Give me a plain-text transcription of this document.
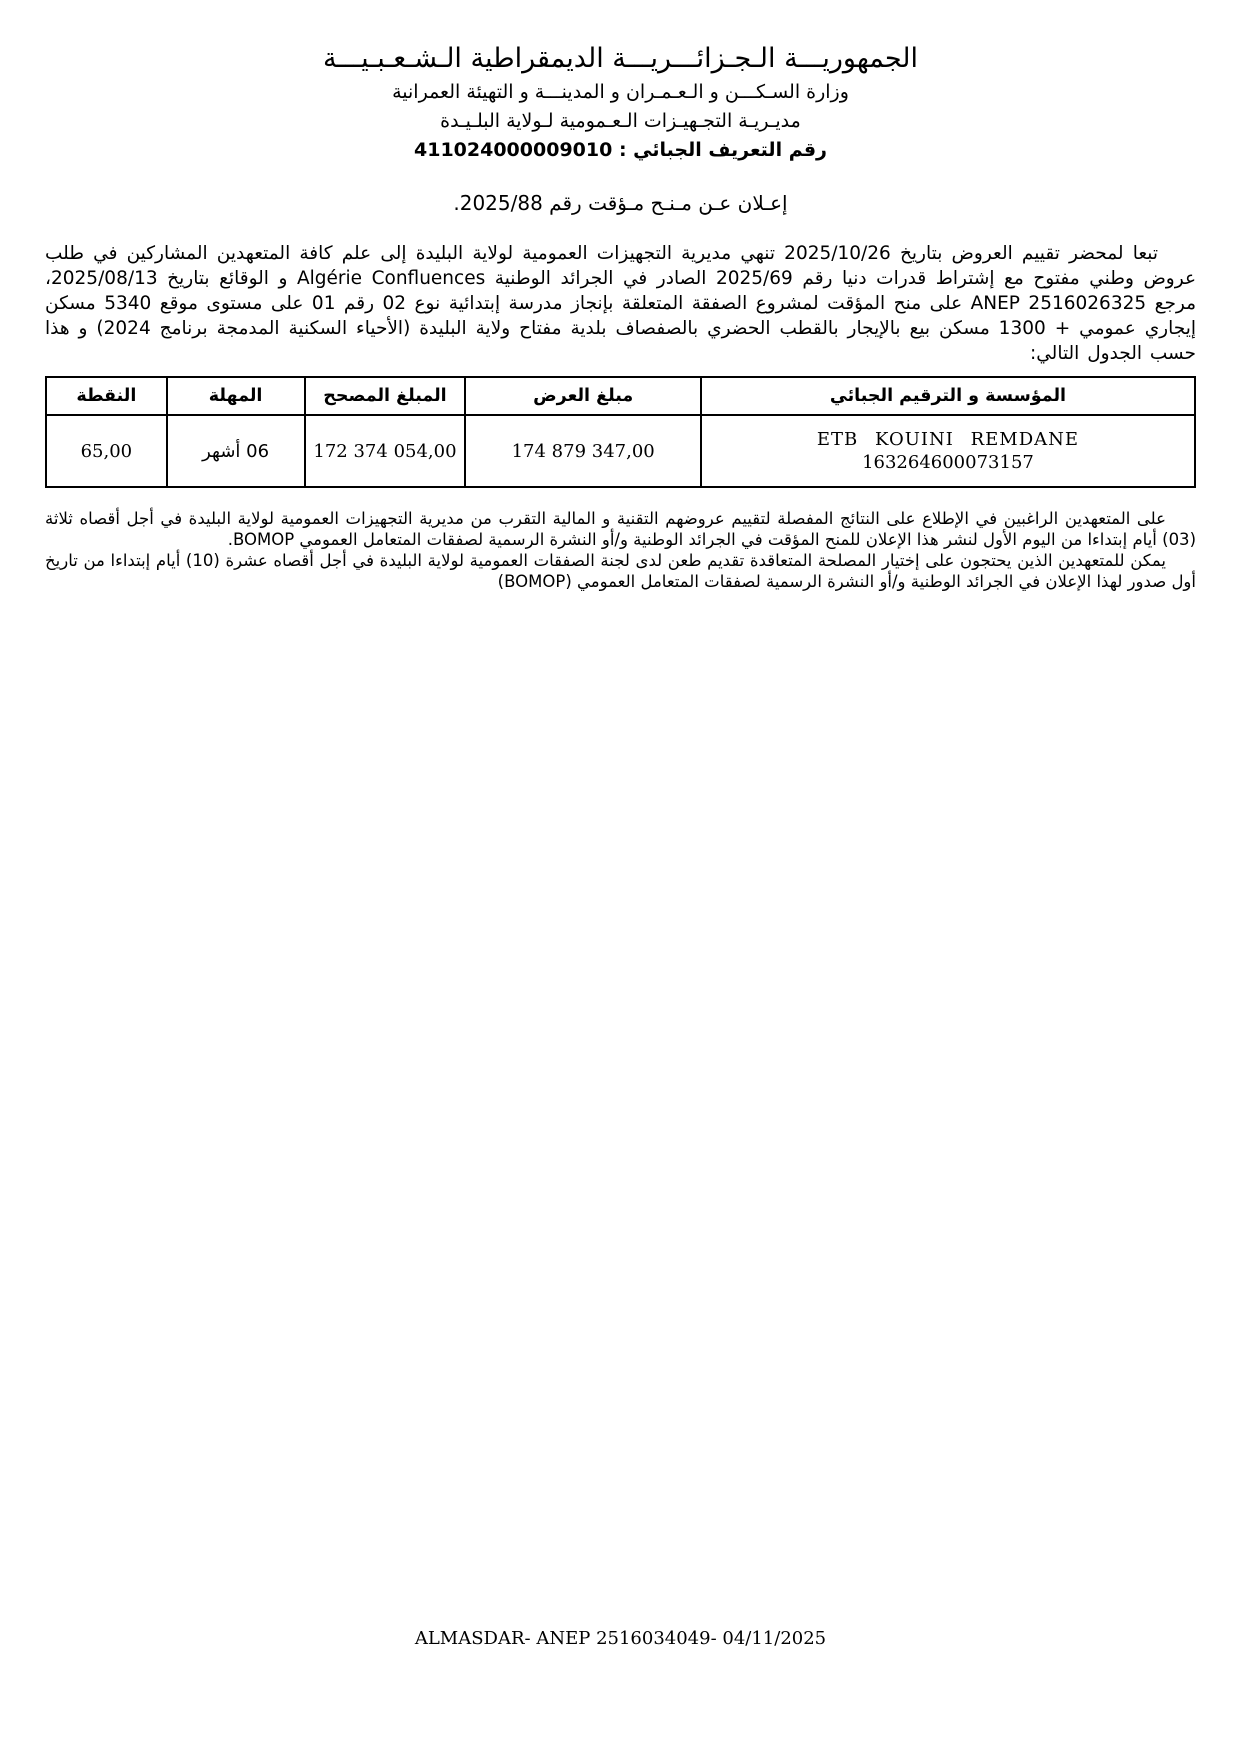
الجمهوريـــة الـجـزائـــريـــة الديمقراطية الـشـعـبـيـــة
وزارة السـكـــن و الـعـمـران و المدينـــة و التهيئة العمرانية
مديـريـة التجـهيـزات الـعـمومية لـولاية البلـيـدة
رقم التعريف الجبائي : 411024000009010
إعـلان عـن مـنـح مـؤقت رقم 2025/88.

تبعا لمحضر تقييم العروض بتاريخ 2025/10/26 تنهي مديرية التجهيزات العمومية لولاية البليدة إلى علم كافة المتعهدين المشاركين في طلب عروض وطني مفتوح مع إشتراط قدرات دنيا رقم 2025/69 الصادر في الجرائد الوطنية Algérie Confluences و الوقائع بتاريخ 2025/08/13، مرجع ANEP 2516026325 على منح المؤقت لمشروع الصفقة المتعلقة بإنجاز مدرسة إبتدائية نوع 02 رقم 01 على مستوى موقع 5340 مسكن إيجاري عمومي + 1300 مسكن بيع بالإيجار بالقطب الحضري بالصفصاف بلدية مفتاح ولاية البليدة (الأحياء السكنية المدمجة برنامج 2024) و هذا حسب الجدول التالي:

المؤسسة و الترقيم الجبائي	مبلغ العرض	المبلغ المصحح	المهلة	النقطة

ETB KOUINI REMDANE
163264600073157	174 879 347,00	172 374 054,00	06 أشهر	65,00

على المتعهدين الراغبين في الإطلاع على النتائج المفصلة لتقييم عروضهم التقنية و المالية التقرب من مديرية التجهيزات العمومية لولاية البليدة في أجل أقصاه ثلاثة (03) أيام إبتداءا من اليوم الأول لنشر هذا الإعلان للمنح المؤقت في الجرائد الوطنية و/أو النشرة الرسمية لصفقات المتعامل العمومي BOMOP.

يمكن للمتعهدين الذين يحتجون على إختيار المصلحة المتعاقدة تقديم طعن لدى لجنة الصفقات العمومية لولاية البليدة في أجل أقصاه عشرة (10) أيام إبتداءا من تاريخ أول صدور لهذا الإعلان في الجرائد الوطنية و/أو النشرة الرسمية لصفقات المتعامل العمومي (BOMOP)

ALMASDAR- ANEP 2516034049- 04/11/2025
